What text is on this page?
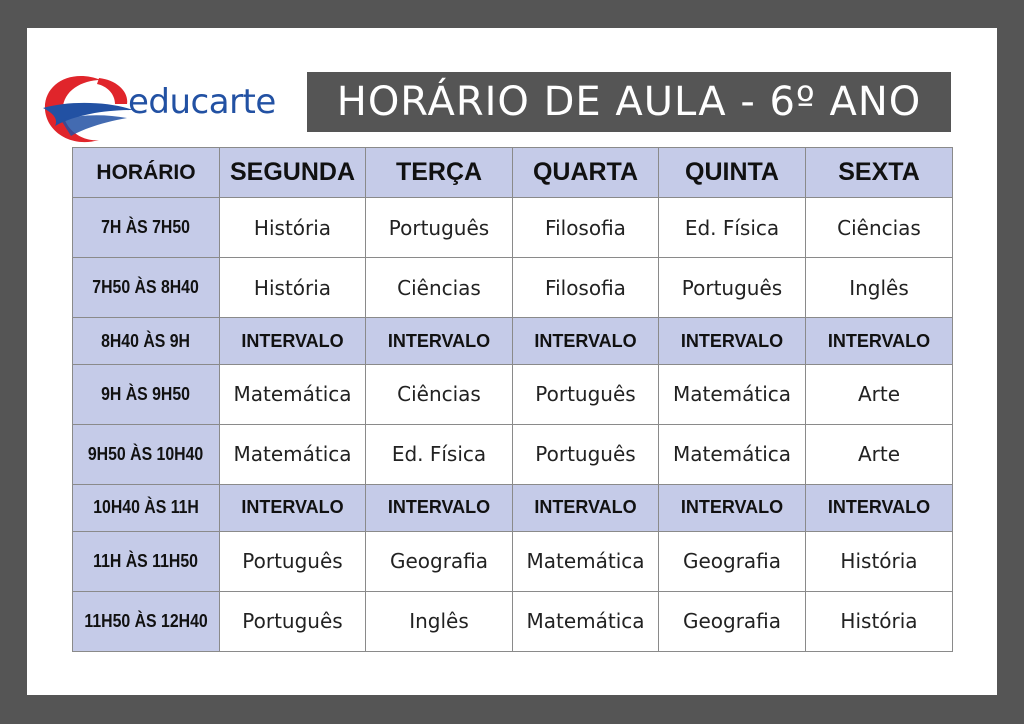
educarte	HORÁRIO DE AULA - 6º ANO
HORÁRIO	SEGUNDA	TERÇA	QUARTA	QUINTA	SEXTA
7H ÀS 7H50	História	Português	Filosofia	Ed. Física	Ciências
7H50 ÀS 8H40	História	Ciências	Filosofia	Português	Inglês
8H40 ÀS 9H	INTERVALO	INTERVALO	INTERVALO	INTERVALO	INTERVALO
9H ÀS 9H50	Matemática	Ciências	Português	Matemática	Arte
9H50 ÀS 10H40	Matemática	Ed. Física	Português	Matemática	Arte
10H40 ÀS 11H	INTERVALO	INTERVALO	INTERVALO	INTERVALO	INTERVALO
11H ÀS 11H50	Português	Geografia	Matemática	Geografia	História
11H50 ÀS 12H40	Português	Inglês	Matemática	Geografia	História
